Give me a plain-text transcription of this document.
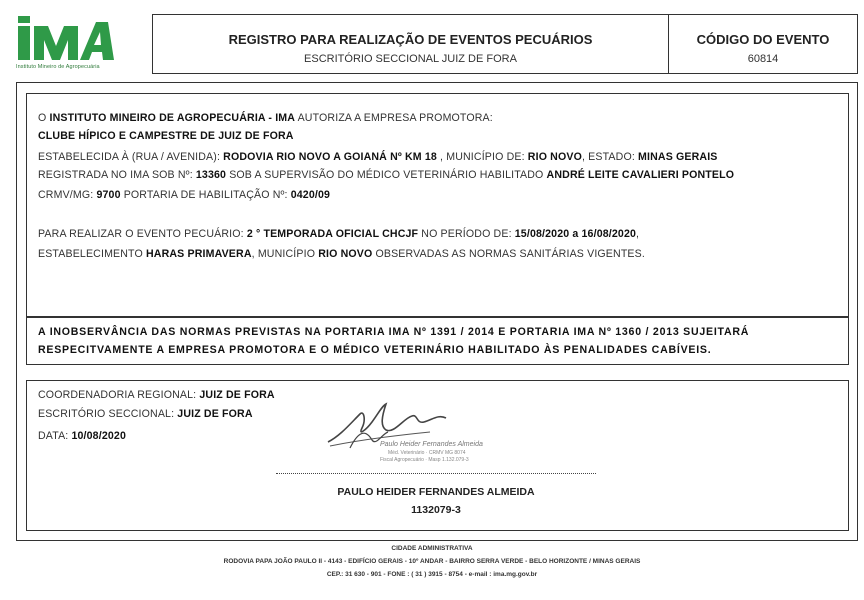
Instituto Mineiro de Agropecuária
REGISTRO PARA REALIZAÇÃO DE EVENTOS PECUÁRIOS
ESCRITÓRIO SECCIONAL JUIZ DE FORA
CÓDIGO DO EVENTO
60814
O INSTITUTO MINEIRO DE AGROPECUÁRIA - IMA AUTORIZA A EMPRESA PROMOTORA:
CLUBE HÍPICO E CAMPESTRE DE JUIZ DE FORA
ESTABELECIDA À (RUA / AVENIDA): RODOVIA RIO NOVO A GOIANÁ Nº KM 18 , MUNICÍPIO DE: RIO NOVO, ESTADO: MINAS GERAIS
REGISTRADA NO IMA SOB Nº: 13360 SOB A SUPERVISÃO DO MÉDICO VETERINÁRIO HABILITADO ANDRÉ LEITE CAVALIERI PONTELO
CRMV/MG: 9700 PORTARIA DE HABILITAÇÃO Nº: 0420/09
PARA REALIZAR O EVENTO PECUÁRIO: 2 ° TEMPORADA OFICIAL CHCJF NO PERÍODO DE: 15/08/2020 a 16/08/2020,
ESTABELECIMENTO HARAS PRIMAVERA, MUNICÍPIO RIO NOVO OBSERVADAS AS NORMAS SANITÁRIAS VIGENTES.
A INOBSERVÂNCIA DAS NORMAS PREVISTAS NA PORTARIA IMA Nº 1391 / 2014 E PORTARIA IMA Nº 1360 / 2013 SUJEITARÁ
RESPECITVAMENTE A EMPRESA PROMOTORA E O MÉDICO VETERINÁRIO HABILITADO ÀS PENALIDADES CABÍVEIS.
COORDENADORIA REGIONAL: JUIZ DE FORA
ESCRITÓRIO SECCIONAL: JUIZ DE FORA
DATA: 10/08/2020
Paulo Heider Fernandes Almeida
Méd. Veterinário · CRMV MG 8074
Fiscal Agropecuário · Masp 1.132.079-3
PAULO HEIDER FERNANDES ALMEIDA
1132079-3
CIDADE ADMINISTRATIVA
RODOVIA PAPA JOÃO PAULO II - 4143 - EDIFÍCIO GERAIS - 10º ANDAR - BAIRRO SERRA VERDE - BELO HORIZONTE / MINAS GERAIS
CEP.: 31 630 - 901 - FONE : ( 31 ) 3915 - 8754 - e-mail : ima.mg.gov.br
